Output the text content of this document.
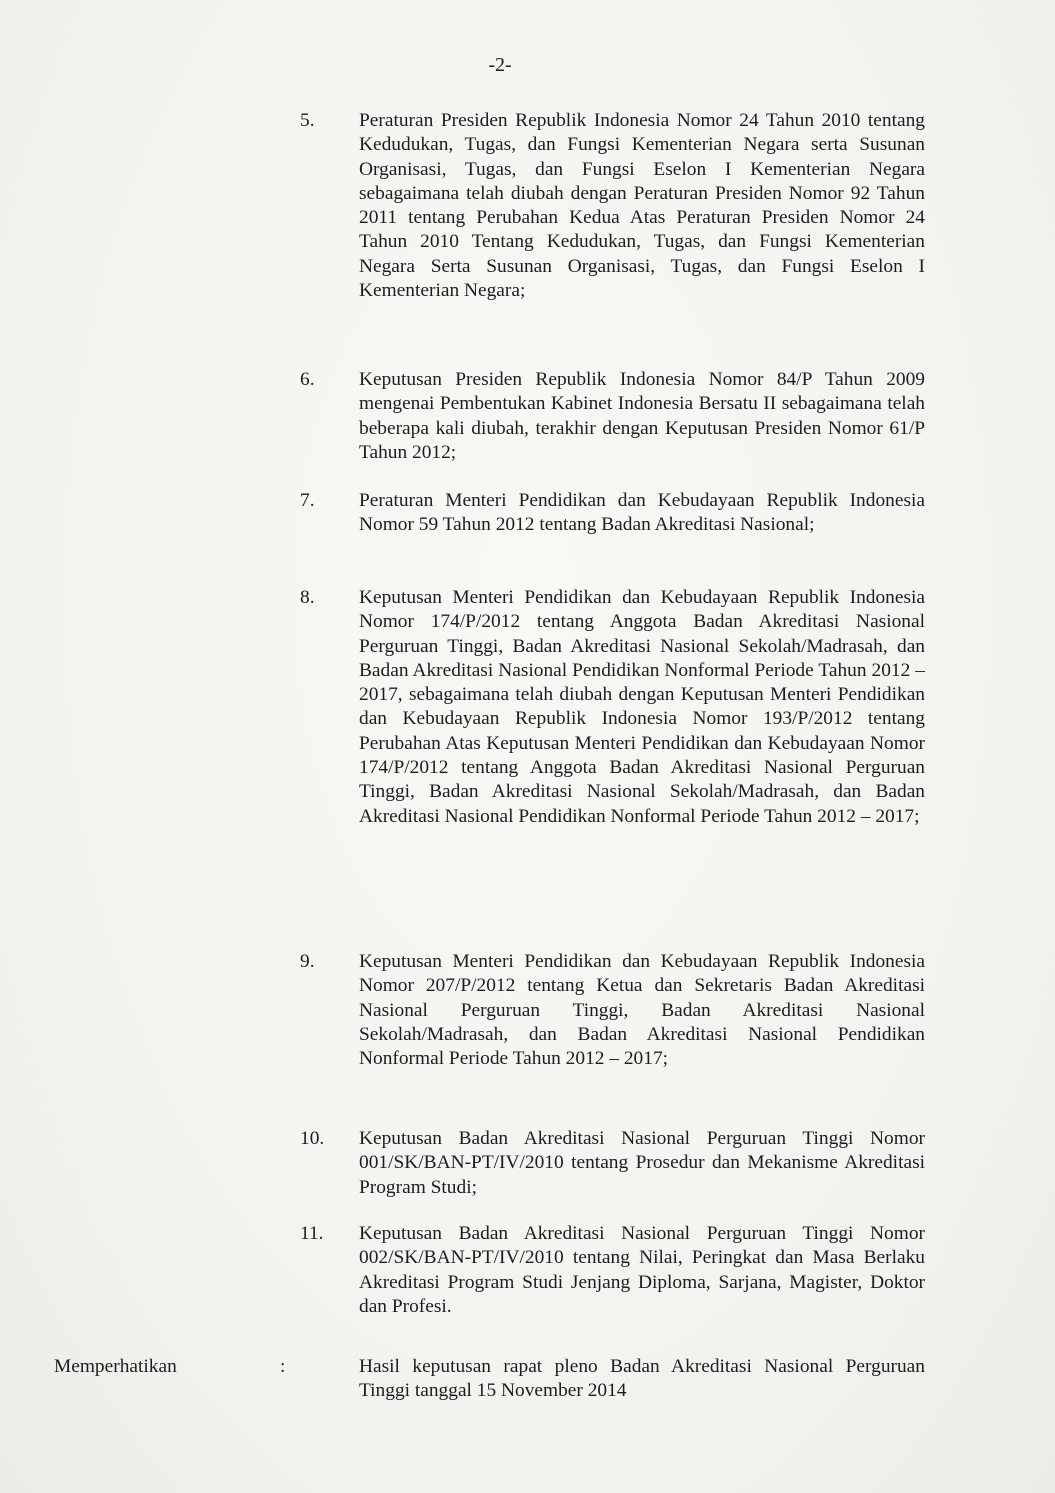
-2-
5.	Peraturan Presiden Republik Indonesia Nomor 24 Tahun 2010 tentang Kedudukan, Tugas, dan Fungsi Kementerian Negara serta Susunan Organisasi, Tugas, dan Fungsi Eselon I Kementerian Negara sebagaimana telah diubah dengan Peraturan Presiden Nomor 92 Tahun 2011 tentang Perubahan Kedua Atas Peraturan Presiden Nomor 24 Tahun 2010 Tentang Kedudukan, Tugas, dan Fungsi Kementerian Negara Serta Susunan Organisasi, Tugas, dan Fungsi Eselon I Kementerian Negara;
6.	Keputusan Presiden Republik Indonesia Nomor 84/P Tahun 2009 mengenai Pembentukan Kabinet Indonesia Bersatu II sebagaimana telah beberapa kali diubah, terakhir dengan Keputusan Presiden Nomor 61/P Tahun 2012;
7.	Peraturan Menteri Pendidikan dan Kebudayaan Republik Indonesia Nomor 59 Tahun 2012 tentang Badan Akreditasi Nasional;
8.	Keputusan Menteri Pendidikan dan Kebudayaan Republik Indonesia Nomor 174/P/2012 tentang Anggota Badan Akreditasi Nasional Perguruan Tinggi, Badan Akreditasi Nasional Sekolah/Madrasah, dan Badan Akreditasi Nasional Pendidikan Nonformal Periode Tahun 2012 – 2017, sebagaimana telah diubah dengan Keputusan Menteri Pendidikan dan Kebudayaan Republik Indonesia Nomor 193/P/2012 tentang Perubahan Atas Keputusan Menteri Pendidikan dan Kebudayaan Nomor 174/P/2012 tentang Anggota Badan Akreditasi Nasional Perguruan Tinggi, Badan Akreditasi Nasional Sekolah/Madrasah, dan Badan Akreditasi Nasional Pendidikan Nonformal Periode Tahun 2012 – 2017;
9.	Keputusan Menteri Pendidikan dan Kebudayaan Republik Indonesia Nomor 207/P/2012 tentang Ketua dan Sekretaris Badan Akreditasi Nasional Perguruan Tinggi, Badan Akreditasi Nasional Sekolah/Madrasah, dan Badan Akreditasi Nasional Pendidikan Nonformal Periode Tahun 2012 – 2017;
10.	Keputusan Badan Akreditasi Nasional Perguruan Tinggi Nomor 001/SK/BAN-PT/IV/2010 tentang Prosedur dan Mekanisme Akreditasi Program Studi;
11.	Keputusan Badan Akreditasi Nasional Perguruan Tinggi Nomor 002/SK/BAN-PT/IV/2010 tentang Nilai, Peringkat dan Masa Berlaku Akreditasi Program Studi Jenjang Diploma, Sarjana, Magister, Doktor dan Profesi.
Memperhatikan	:	Hasil keputusan rapat pleno Badan Akreditasi Nasional Perguruan Tinggi tanggal 15 November 2014
